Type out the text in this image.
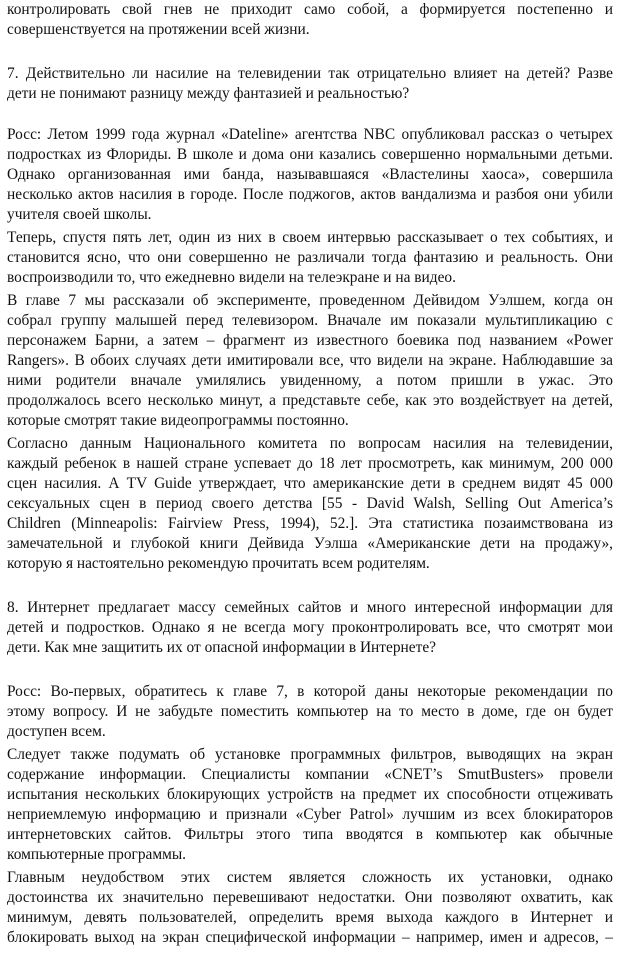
контролировать свой гнев не приходит само собой, а формируется постепенно и
совершенствуется на протяжении всей жизни.
7. Действительно ли насилие на телевидении так отрицательно влияет на детей? Разве
дети не понимают разницу между фантазией и реальностью?
Росс: Летом 1999 года журнал «Dateline» агентства NBC опубликовал рассказ о четырех
подростках из Флориды. В школе и дома они казались совершенно нормальными детьми.
Однако организованная ими банда, называвшаяся «Властелины хаоса», совершила
несколько актов насилия в городе. После поджогов, актов вандализма и разбоя они убили
учителя своей школы.
Теперь, спустя пять лет, один из них в своем интервью рассказывает о тех событиях, и
становится ясно, что они совершенно не различали тогда фантазию и реальность. Они
воспроизводили то, что ежедневно видели на телеэкране и на видео.
В главе 7 мы рассказали об эксперименте, проведенном Дейвидом Уэлшем, когда он
собрал группу малышей перед телевизором. Вначале им показали мультипликацию с
персонажем Барни, а затем – фрагмент из известного боевика под названием «Power
Rangers». В обоих случаях дети имитировали все, что видели на экране. Наблюдавшие за
ними родители вначале умилялись увиденному, а потом пришли в ужас. Это
продолжалось всего несколько минут, а представьте себе, как это воздействует на детей,
которые смотрят такие видеопрограммы постоянно.
Согласно данным Национального комитета по вопросам насилия на телевидении,
каждый ребенок в нашей стране успевает до 18 лет просмотреть, как минимум, 200 000
сцен насилия. А TV Guide утверждает, что американские дети в среднем видят 45 000
сексуальных сцен в период своего детства [55 - David Walsh, Selling Out America’s
Children (Minneapolis: Fairview Press, 1994), 52.]. Эта статистика позаимствована из
замечательной и глубокой книги Дейвида Уэлша «Американские дети на продажу»,
которую я настоятельно рекомендую прочитать всем родителям.
8. Интернет предлагает массу семейных сайтов и много интересной информации для
детей и подростков. Однако я не всегда могу проконтролировать все, что смотрят мои
дети. Как мне защитить их от опасной информации в Интернете?
Росс: Во-первых, обратитесь к главе 7, в которой даны некоторые рекомендации по
этому вопросу. И не забудьте поместить компьютер на то место в доме, где он будет
доступен всем.
Следует также подумать об установке программных фильтров, выводящих на экран
содержание информации. Специалисты компании «CNET’s SmutBusters» провели
испытания нескольких блокирующих устройств на предмет их способности отцеживать
неприемлемую информацию и признали «Cyber Patrol» лучшим из всех блокираторов
интернетовских сайтов. Фильтры этого типа вводятся в компьютер как обычные
компьютерные программы.
Главным неудобством этих систем является сложность их установки, однако
достоинства их значительно перевешивают недостатки. Они позволяют охватить, как
минимум, девять пользователей, определить время выхода каждого в Интернет и
блокировать выход на экран специфической информации – например, имен и адресов, –
